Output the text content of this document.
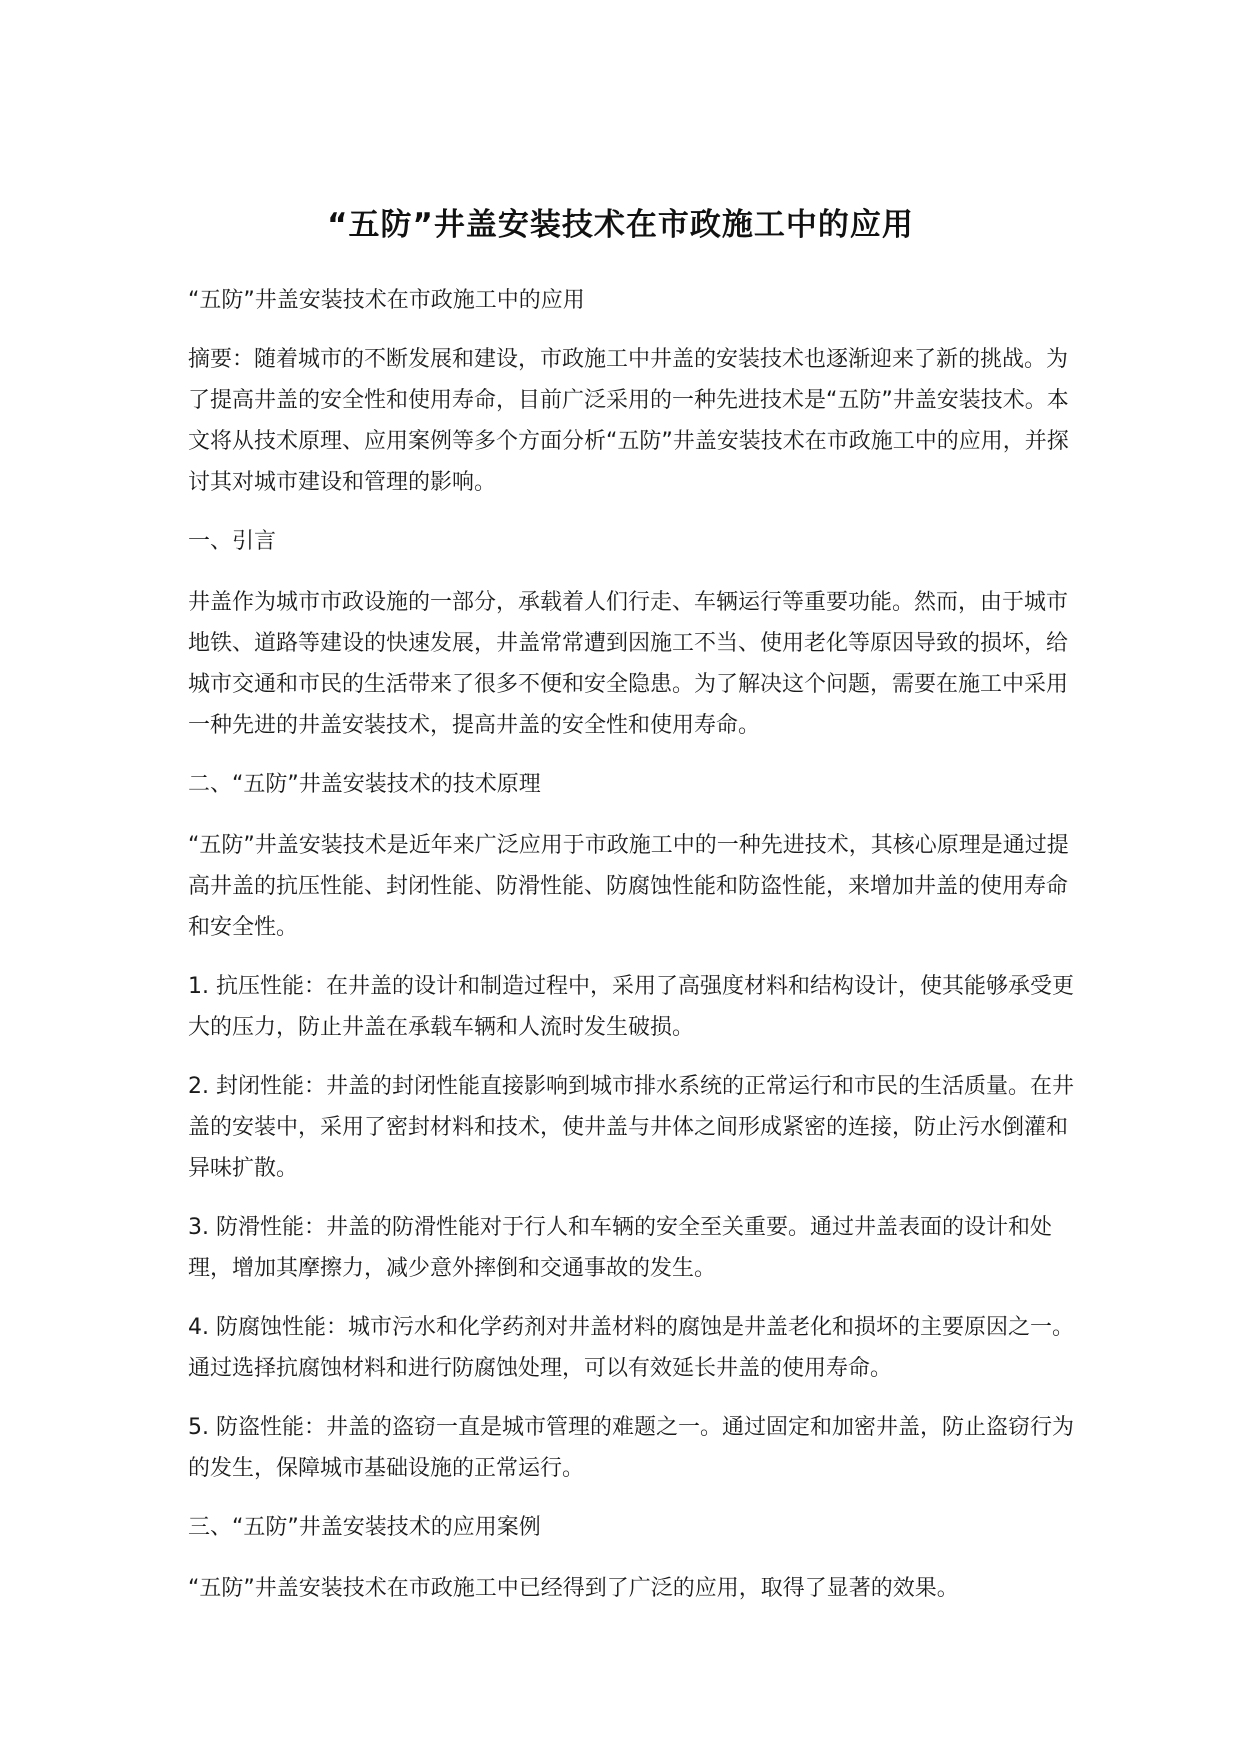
“五防”井盖安装技术在市政施工中的应用

“五防”井盖安装技术在市政施工中的应用

摘要：随着城市的不断发展和建设，市政施工中井盖的安装技术也逐渐迎来了新的挑战。为了提高井盖的安全性和使用寿命，目前广泛采用的一种先进技术是“五防”井盖安装技术。本文将从技术原理、应用案例等多个方面分析“五防”井盖安装技术在市政施工中的应用，并探讨其对城市建设和管理的影响。

一、引言

井盖作为城市市政设施的一部分，承载着人们行走、车辆运行等重要功能。然而，由于城市地铁、道路等建设的快速发展，井盖常常遭到因施工不当、使用老化等原因导致的损坏，给城市交通和市民的生活带来了很多不便和安全隐患。为了解决这个问题，需要在施工中采用一种先进的井盖安装技术，提高井盖的安全性和使用寿命。

二、“五防”井盖安装技术的技术原理

“五防”井盖安装技术是近年来广泛应用于市政施工中的一种先进技术，其核心原理是通过提高井盖的抗压性能、封闭性能、防滑性能、防腐蚀性能和防盗性能，来增加井盖的使用寿命和安全性。

1. 抗压性能：在井盖的设计和制造过程中，采用了高强度材料和结构设计，使其能够承受更大的压力，防止井盖在承载车辆和人流时发生破损。

2. 封闭性能：井盖的封闭性能直接影响到城市排水系统的正常运行和市民的生活质量。在井盖的安装中，采用了密封材料和技术，使井盖与井体之间形成紧密的连接，防止污水倒灌和异味扩散。

3. 防滑性能：井盖的防滑性能对于行人和车辆的安全至关重要。通过井盖表面的设计和处理，增加其摩擦力，减少意外摔倒和交通事故的发生。

4. 防腐蚀性能：城市污水和化学药剂对井盖材料的腐蚀是井盖老化和损坏的主要原因之一。通过选择抗腐蚀材料和进行防腐蚀处理，可以有效延长井盖的使用寿命。

5. 防盗性能：井盖的盗窃一直是城市管理的难题之一。通过固定和加密井盖，防止盗窃行为的发生，保障城市基础设施的正常运行。

三、“五防”井盖安装技术的应用案例

“五防”井盖安装技术在市政施工中已经得到了广泛的应用，取得了显著的效果。
